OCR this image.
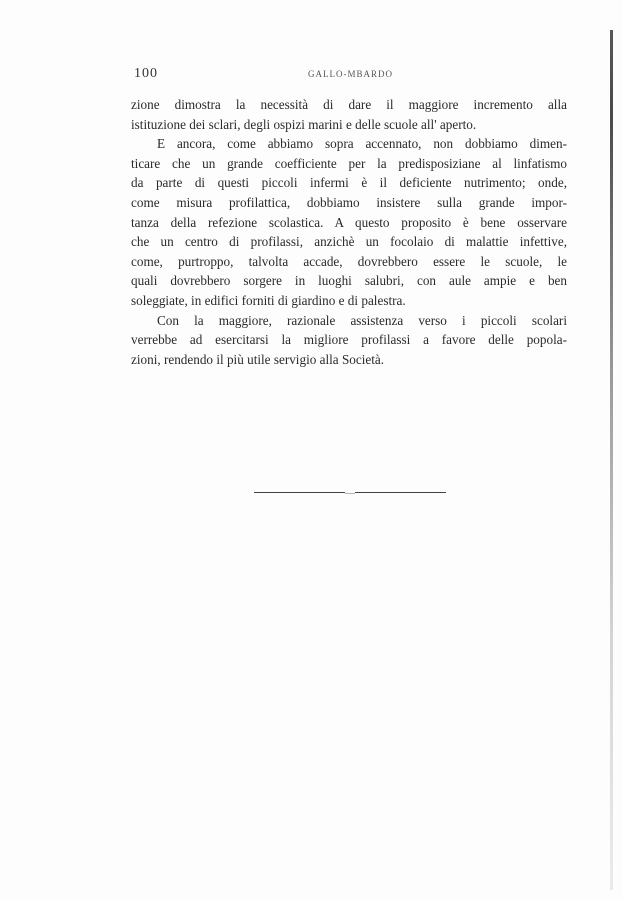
100	GALLO-MBARDO
zione dimostra la necessità di dare il maggiore incremento alla
istituzione dei sclari, degli ospizi marini e delle scuole all' aperto.
E ancora, come abbiamo sopra accennato, non dobbiamo dimen-
ticare che un grande coefficiente per la predisposiziane al linfatismo
da parte di questi piccoli infermi è il deficiente nutrimento; onde,
come misura profilattica, dobbiamo insistere sulla grande impor-
tanza della refezione scolastica. A questo proposito è bene osservare
che un centro di profilassi, anzichè un focolaio di malattie infettive,
come, purtroppo, talvolta accade, dovrebbero essere le scuole, le
quali dovrebbero sorgere in luoghi salubri, con aule ampie e ben
soleggiate, in edifici forniti di giardino e di palestra.
Con la maggiore, razionale assistenza verso i piccoli scolari
verrebbe ad esercitarsi la migliore profilassi a favore delle popola-
zioni, rendendo il più utile servigio alla Società.
.....
